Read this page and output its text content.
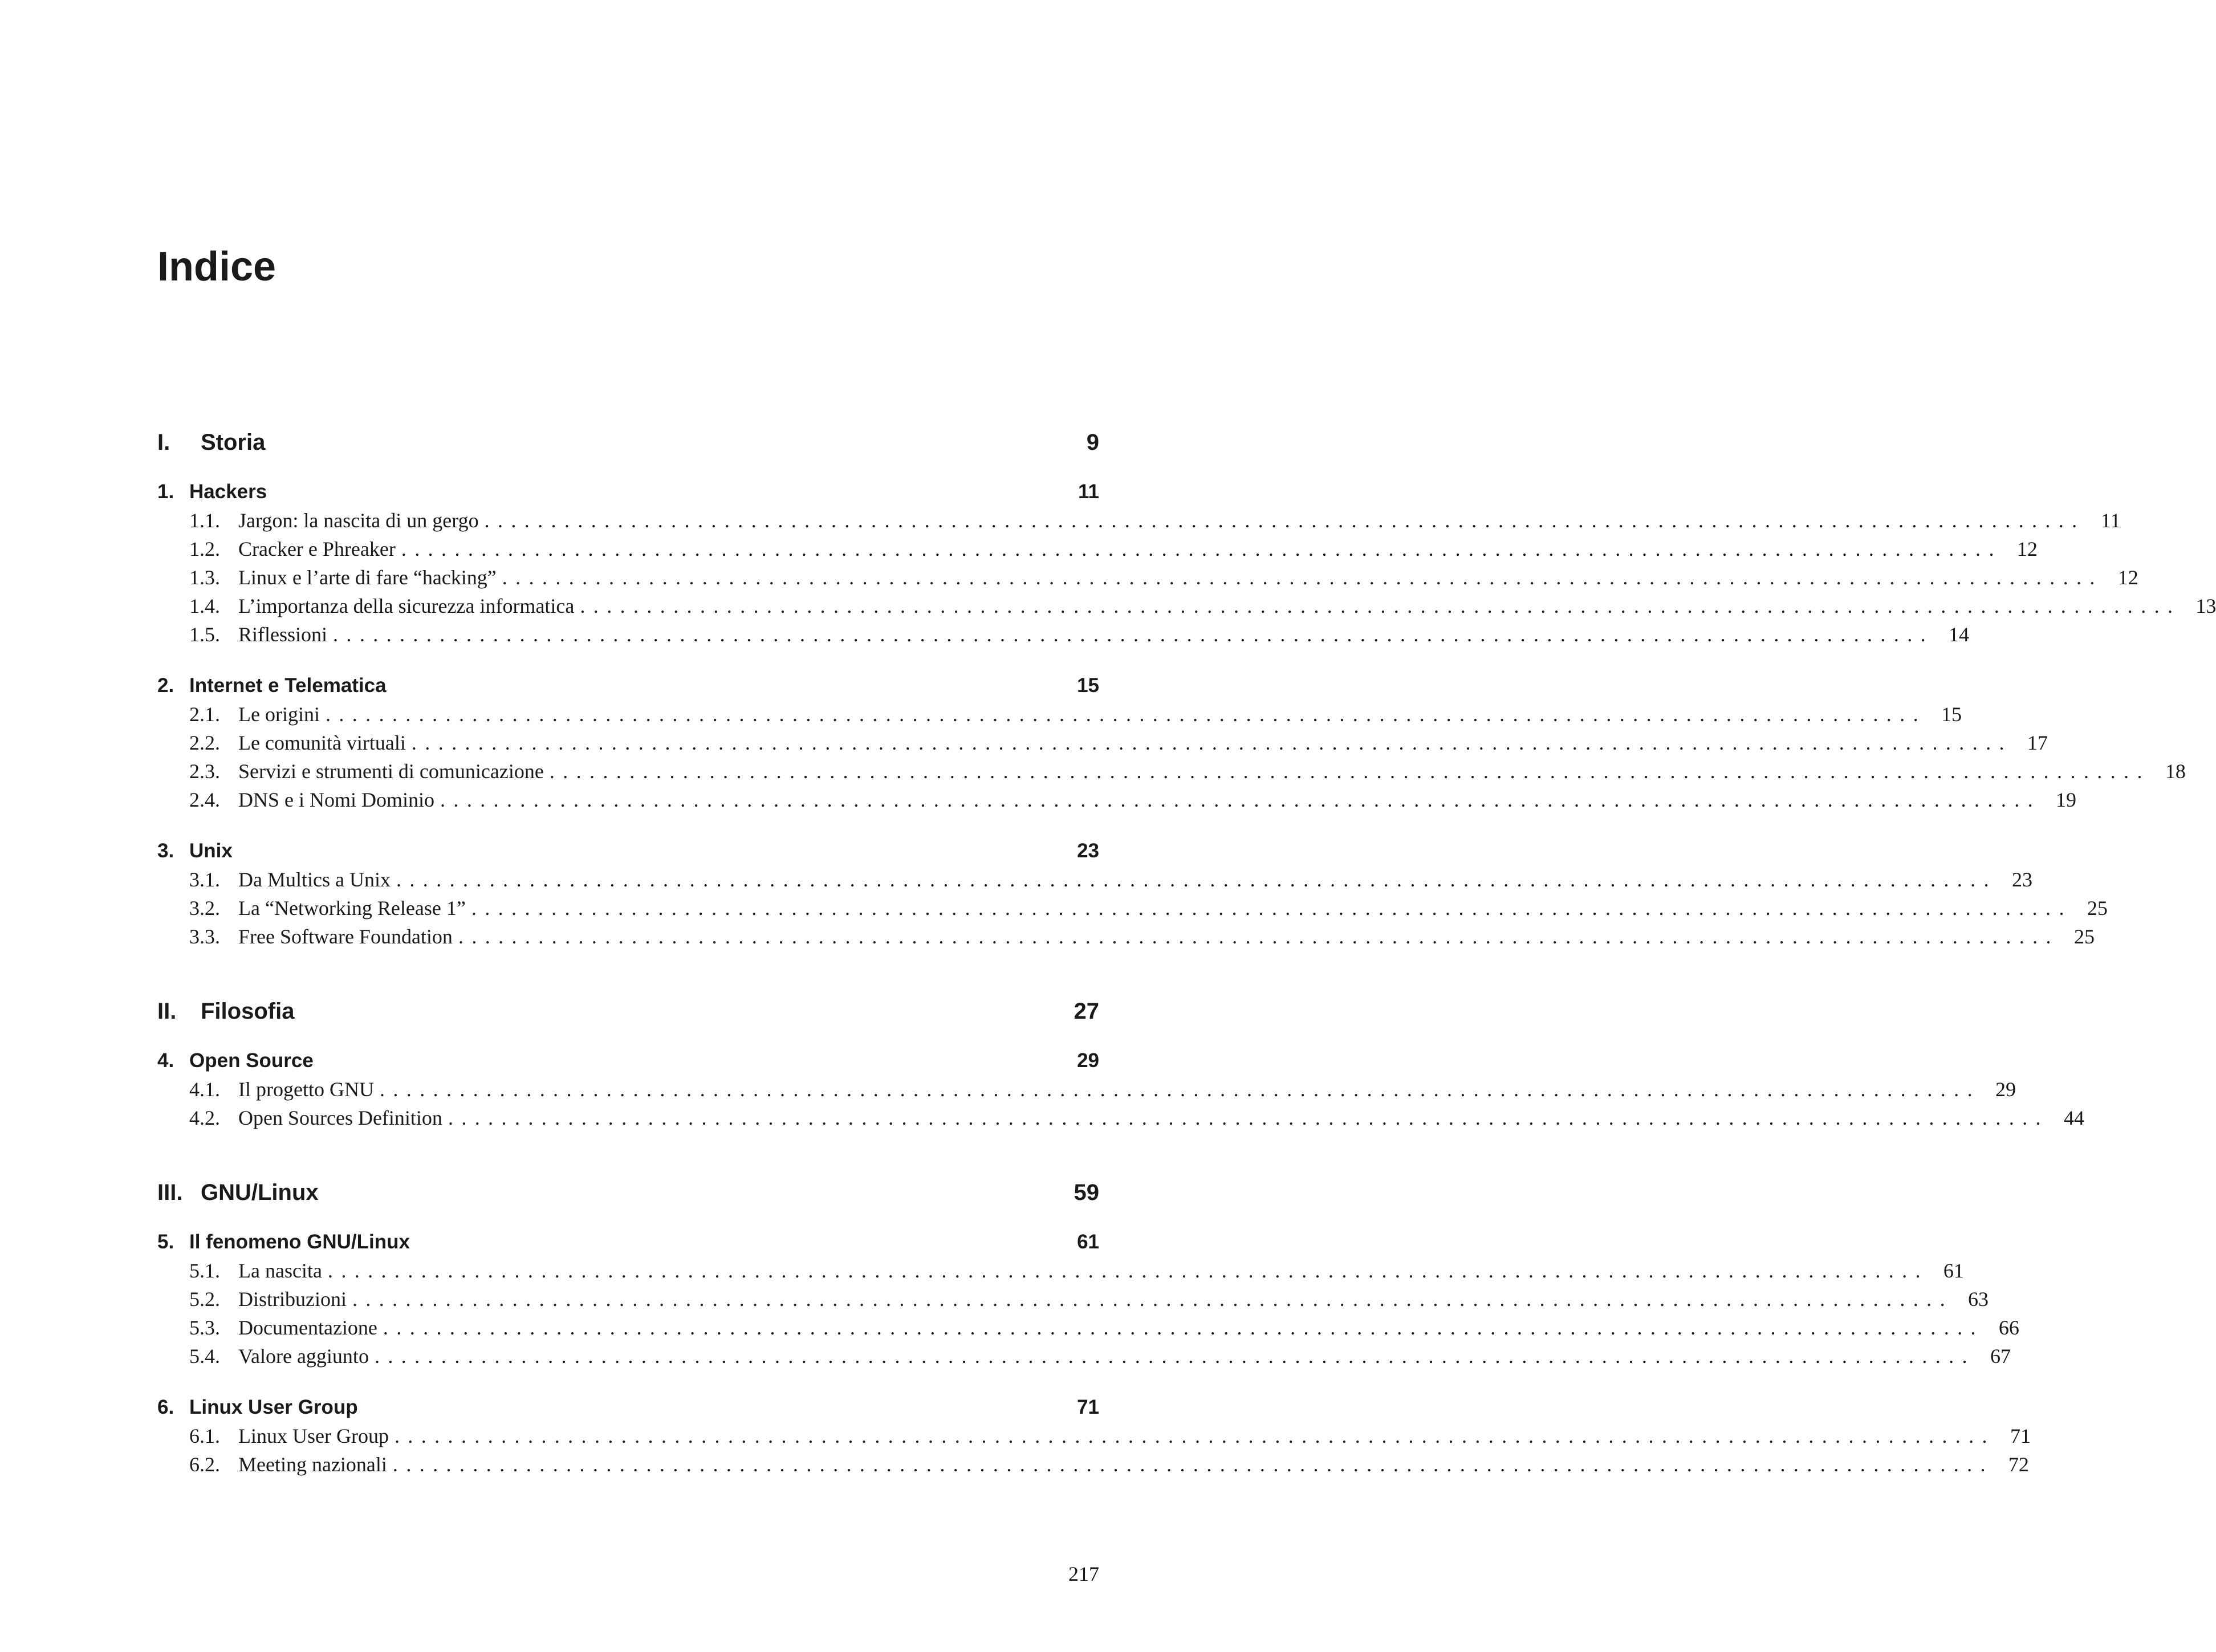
Indice
I. Storia	9
1. Hackers	11
1.1. Jargon: la nascita di un gergo ........................................................................................................................ 11
1.2. Cracker e Phreaker ........................................................................................................................ 12
1.3. Linux e l’arte di fare “hacking” ........................................................................................................................ 12
1.4. L’importanza della sicurezza informatica ........................................................................................................................ 13
1.5. Riflessioni ........................................................................................................................ 14
2. Internet e Telematica	15
2.1. Le origini ........................................................................................................................ 15
2.2. Le comunità virtuali ........................................................................................................................ 17
2.3. Servizi e strumenti di comunicazione ........................................................................................................................ 18
2.4. DNS e i Nomi Dominio ........................................................................................................................ 19
3. Unix	23
3.1. Da Multics a Unix ........................................................................................................................ 23
3.2. La “Networking Release 1” ........................................................................................................................ 25
3.3. Free Software Foundation ........................................................................................................................ 25
II. Filosofia	27
4. Open Source	29
4.1. Il progetto GNU ........................................................................................................................ 29
4.2. Open Sources Definition ........................................................................................................................ 44
III. GNU/Linux	59
5. Il fenomeno GNU/Linux	61
5.1. La nascita ........................................................................................................................ 61
5.2. Distribuzioni ........................................................................................................................ 63
5.3. Documentazione ........................................................................................................................ 66
5.4. Valore aggiunto ........................................................................................................................ 67
6. Linux User Group	71
6.1. Linux User Group ........................................................................................................................ 71
6.2. Meeting nazionali ........................................................................................................................ 72
217
